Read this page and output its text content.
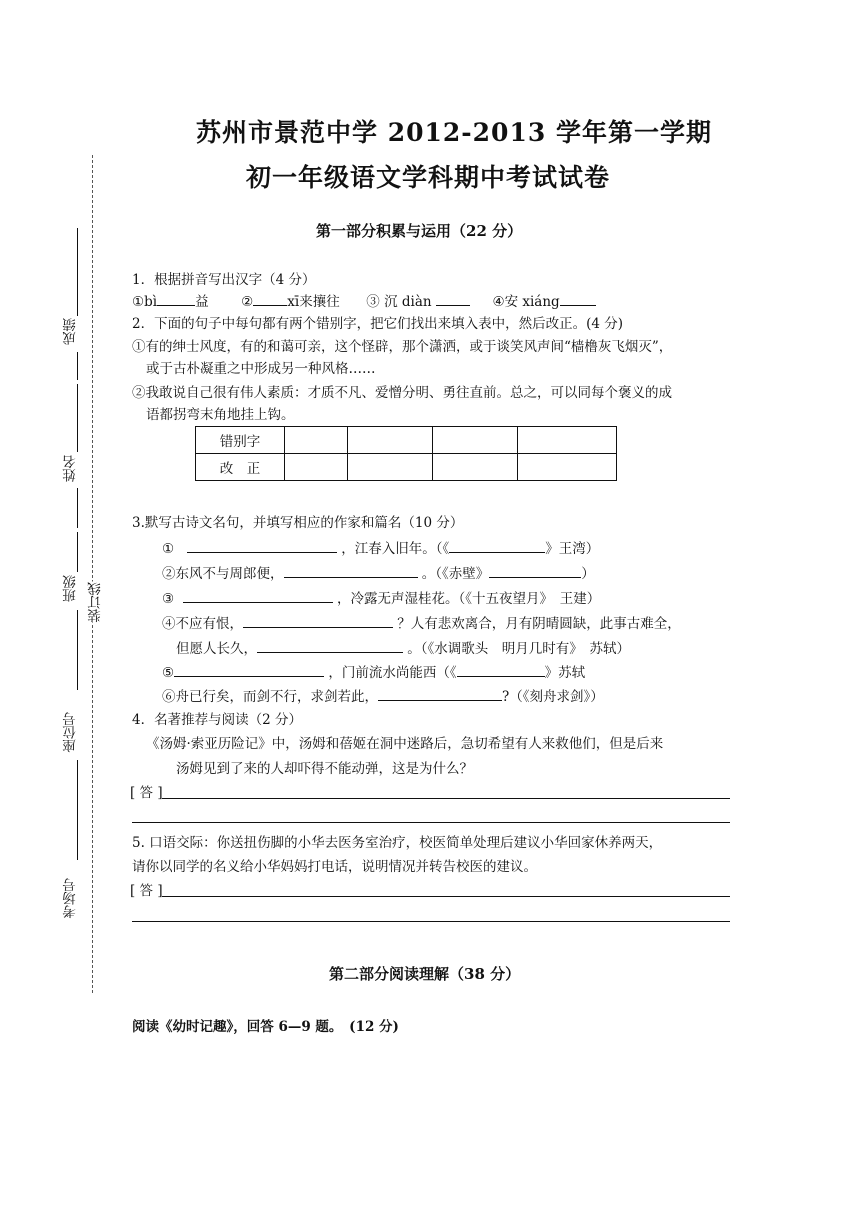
成绩
姓名
班级 装订线
座位号
考场号
苏州市景范中学 2012-2013 学年第一学期
初一年级语文学科期中考试试卷
第一部分积累与运用（22 分）
1．根据拼音写出汉字（4 分）
①bì	益 ②	xī来攘往 ③ 沉 diàn	④安 xiáng
2．下面的句子中每句都有两个错别字，把它们找出来填入表中，然后改正。(4 分)
①有的绅士风度，有的和蔼可亲，这个怪辟，那个潇洒，或于谈笑风声间“樯橹灰飞烟灭”，
或于古朴凝重之中形成另一种风格……
②我敢说自己很有伟人素质：才质不凡、爱憎分明、勇往直前。总之，可以同每个褒义的成
语都拐弯末角地挂上钩。
错别字				
改　正				
3.默写古诗文名句，并填写相应的作家和篇名（10 分）
①	，江春入旧年。（《	》王湾）
②东风不与周郎便，	。（《赤壁》	）
③	，冷露无声湿桂花。（《十五夜望月》　王建）
④不应有恨，	？人有悲欢离合，月有阴晴圆缺，此事古难全，
但愿人长久，	。（《水调歌头　明月几时有》　苏轼）
⑤	，门前流水尚能西（《	》苏轼
⑥舟已行矣，而剑不行，求剑若此，	?（《刻舟求剑》）
4．名著推荐与阅读（2 分）
《汤姆·索亚历险记》中，汤姆和蓓姬在洞中迷路后，急切希望有人来救他们，但是后来
汤姆见到了来的人却吓得不能动弹，这是为什么？
[ 答 ]
5. 口语交际：你送扭伤脚的小华去医务室治疗，校医简单处理后建议小华回家休养两天，
请你以同学的名义给小华妈妈打电话，说明情况并转告校医的建议。
[ 答 ]
第二部分阅读理解（38 分）
阅读《幼时记趣》，回答 6—9 题。　(12 分)
